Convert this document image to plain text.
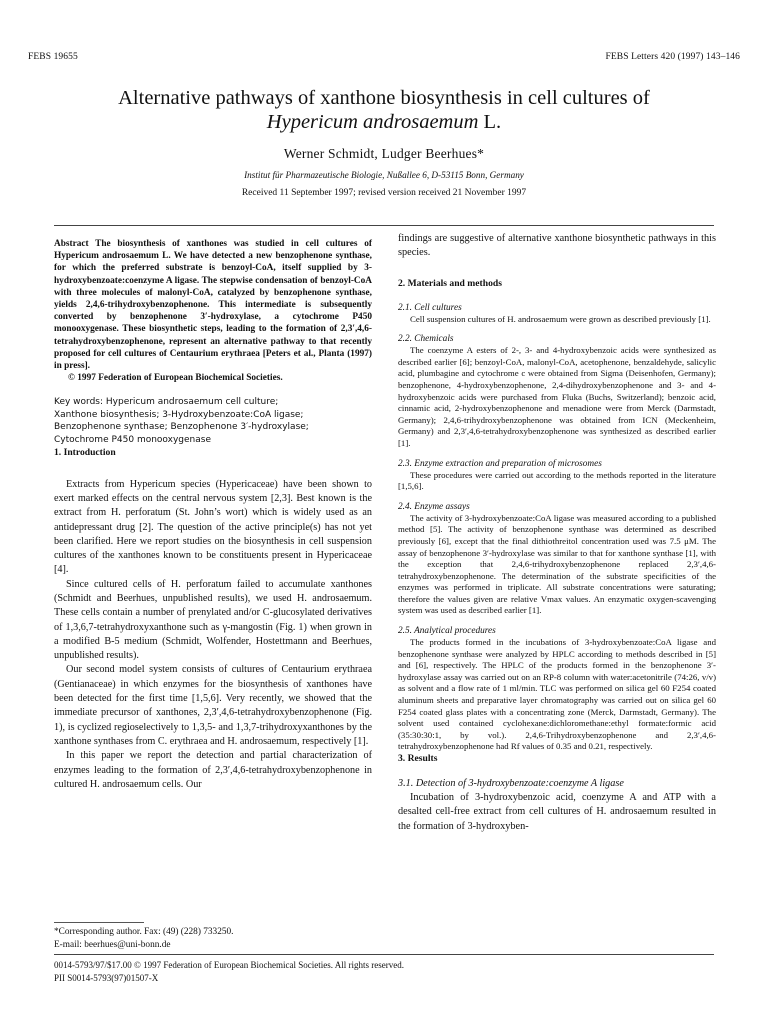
FEBS 19655	FEBS Letters 420 (1997) 143–146
Alternative pathways of xanthone biosynthesis in cell cultures of
Hypericum androsaemum L.
Werner Schmidt, Ludger Beerhues*
Institut für Pharmazeutische Biologie, Nußallee 6, D-53115 Bonn, Germany
Received 11 September 1997; revised version received 21 November 1997
Abstract The biosynthesis of xanthones was studied in cell cultures of Hypericum androsaemum L. We have detected a new benzophenone synthase, for which the preferred substrate is benzoyl-CoA, itself supplied by 3-hydroxybenzoate:coenzyme A ligase. The stepwise condensation of benzoyl-CoA with three molecules of malonyl-CoA, catalyzed by benzophenone synthase, yields 2,4,6-trihydroxybenzophenone. This intermediate is subsequently converted by benzophenone 3′-hydroxylase, a cytochrome P450 monooxygenase. These biosynthetic steps, leading to the formation of 2,3′,4,6-tetrahydroxybenzophenone, represent an alternative pathway to that recently proposed for cell cultures of Centaurium erythraea [Peters et al., Planta (1997) in press].
© 1997 Federation of European Biochemical Societies.
Key words: Hypericum androsaemum cell culture;
Xanthone biosynthesis; 3-Hydroxybenzoate:CoA ligase;
Benzophenone synthase; Benzophenone 3′-hydroxylase;
Cytochrome P450 monooxygenase
1. Introduction

Extracts from Hypericum species (Hypericaceae) have been shown to exert marked effects on the central nervous system [2,3]. Best known is the extract from H. perforatum (St. John’s wort) which is widely used as an antidepressant drug [2]. The question of the active principle(s) has not yet been clarified. Here we report studies on the biosynthesis in cell suspension cultures of the xanthones known to be constituents present in Hypericaceae [4].

Since cultured cells of H. perforatum failed to accumulate xanthones (Schmidt and Beerhues, unpublished results), we used H. androsaemum. These cells contain a number of prenylated and/or C-glucosylated derivatives of 1,3,6,7-tetrahydroxyxanthone such as γ-mangostin (Fig. 1) when grown in a modified B-5 medium (Schmidt, Wolfender, Hostettmann and Beerhues, unpublished results).

Our second model system consists of cultures of Centaurium erythraea (Gentianaceae) in which enzymes for the biosynthesis of xanthones have been detected for the first time [1,5,6]. Very recently, we showed that the immediate precursor of xanthones, 2,3′,4,6-tetrahydroxybenzophenone (Fig. 1), is cyclized regioselectively to 1,3,5- and 1,3,7-trihydroxyxanthones by the xanthone synthases from C. erythraea and H. androsaemum, respectively [1].

In this paper we report the detection and partial characterization of enzymes leading to the formation of 2,3′,4,6-tetrahydroxybenzophenone in cultured H. androsaemum cells. Our

*Corresponding author. Fax: (49) (228) 733250.
E-mail: beerhues@uni-bonn.de

findings are suggestive of alternative xanthone biosynthetic pathways in this species.

2. Materials and methods
2.1. Cell cultures

Cell suspension cultures of H. androsaemum were grown as described previously [1].

2.2. Chemicals

The coenzyme A esters of 2-, 3- and 4-hydroxybenzoic acids were synthesized as described earlier [6]; benzoyl-CoA, malonyl-CoA, acetophenone, benzaldehyde, salicylic acid, plumbagine and cytochrome c were obtained from Sigma (Deisenhofen, Germany); benzophenone, 4-hydroxybenzophenone, 2,4-dihydroxybenzophenone and 3- and 4-hydroxybenzoic acids were purchased from Fluka (Buchs, Switzerland); benzoic acid, cinnamic acid, 2-hydroxybenzophenone and menadione were from Merck (Darmstadt, Germany); 2,4,6-trihydroxybenzophenone was obtained from ICN (Meckenheim, Germany) and 2,3′,4,6-tetrahydroxybenzophenone was synthesized as described earlier [1].

2.3. Enzyme extraction and preparation of microsomes

These procedures were carried out according to the methods reported in the literature [1,5,6].

2.4. Enzyme assays

The activity of 3-hydroxybenzoate:CoA ligase was measured according to a published method [5]. The activity of benzophenone synthase was determined as described previously [6], except that the final dithiothreitol concentration used was 7.5 μM. The assay of benzophenone 3′-hydroxylase was similar to that for xanthone synthase [1], with the exception that 2,4,6-trihydroxybenzophenone replaced 2,3′,4,6-tetrahydroxybenzophenone. The determination of the substrate specificities of the enzymes was performed in triplicate. All substrate concentrations were saturating; therefore the values given are relative Vmax values. An enzymatic oxygen-scavenging system was used as described earlier [1].

2.5. Analytical procedures

The products formed in the incubations of 3-hydroxybenzoate:CoA ligase and benzophenone synthase were analyzed by HPLC according to methods described in [5] and [6], respectively. The HPLC of the products formed in the benzophenone 3′-hydroxylase assay was carried out on an RP-8 column with water:acetonitrile (74:26, v/v) as solvent and a flow rate of 1 ml/min. TLC was performed on silica gel 60 F254 coated aluminum sheets and preparative layer chromatography was carried out on silica gel 60 F254 coated glass plates with a concentrating zone (Merck, Darmstadt, Germany). The solvent used contained cyclohexane:dichloromethane:ethyl formate:formic acid (35:30:30:1, by vol.). 2,4,6-Trihydroxybenzophenone and 2,3′,4,6-tetrahydroxybenzophenone had Rf values of 0.35 and 0.21, respectively.

3. Results
3.1. Detection of 3-hydroxybenzoate:coenzyme A ligase

Incubation of 3-hydroxybenzoic acid, coenzyme A and ATP with a desalted cell-free extract from cell cultures of H. androsaemum resulted in the formation of 3-hydroxyben-

0014-5793/97/$17.00 © 1997 Federation of European Biochemical Societies. All rights reserved.
PII S0014-5793(97)01507-X
